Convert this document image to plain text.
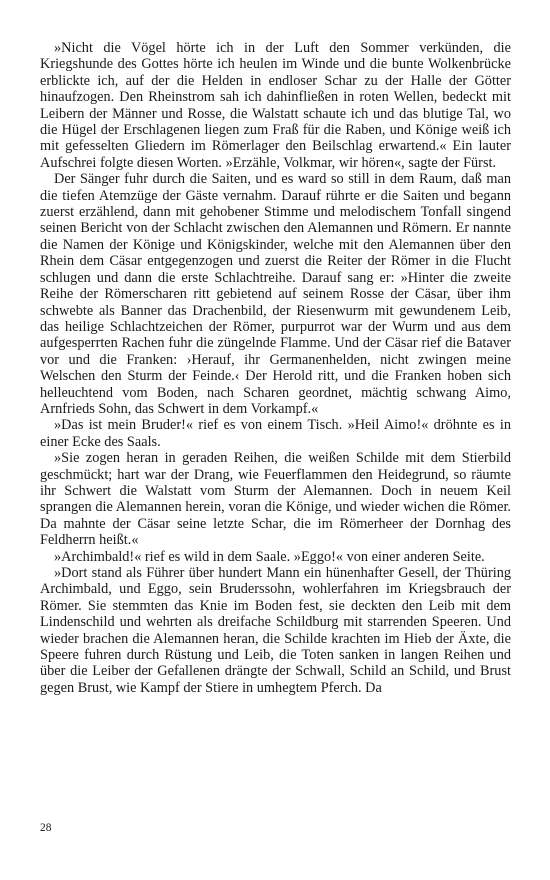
»Nicht die Vögel hörte ich in der Luft den Sommer verkünden, die Kriegshunde des Gottes hörte ich heulen im Winde und die bunte Wolkenbrücke erblickte ich, auf der die Helden in endloser Schar zu der Halle der Götter hinaufzogen. Den Rheinstrom sah ich dahinfließen in roten Wellen, bedeckt mit Leibern der Männer und Rosse, die Walstatt schaute ich und das blutige Tal, wo die Hügel der Erschlagenen liegen zum Fraß für die Raben, und Könige weiß ich mit gefesselten Gliedern im Römerlager den Beilschlag erwartend.« Ein lauter Aufschrei folgte diesen Worten. »Erzähle, Volkmar, wir hören«, sagte der Fürst.

Der Sänger fuhr durch die Saiten, und es ward so still in dem Raum, daß man die tiefen Atemzüge der Gäste vernahm. Darauf rührte er die Saiten und begann zuerst erzählend, dann mit gehobener Stimme und melodischem Tonfall singend seinen Bericht von der Schlacht zwischen den Alemannen und Römern. Er nannte die Namen der Könige und Königskinder, welche mit den Alemannen über den Rhein dem Cäsar entgegenzogen und zuerst die Reiter der Römer in die Flucht schlugen und dann die erste Schlachtreihe. Darauf sang er: »Hinter die zweite Reihe der Römerscharen ritt gebietend auf seinem Rosse der Cäsar, über ihm schwebte als Banner das Drachenbild, der Riesenwurm mit gewundenem Leib, das heilige Schlachtzeichen der Römer, purpurrot war der Wurm und aus dem aufgesperrten Rachen fuhr die züngelnde Flamme. Und der Cäsar rief die Bataver vor und die Franken: ›Herauf, ihr Germanenhelden, nicht zwingen meine Welschen den Sturm der Feinde.‹ Der Herold ritt, und die Franken hoben sich helleuchtend vom Boden, nach Scharen geordnet, mächtig schwang Aimo, Arnfrieds Sohn, das Schwert in dem Vorkampf.«

»Das ist mein Bruder!« rief es von einem Tisch. »Heil Aimo!« dröhnte es in einer Ecke des Saals.

»Sie zogen heran in geraden Reihen, die weißen Schilde mit dem Stierbild geschmückt; hart war der Drang, wie Feuerflammen den Heidegrund, so räumte ihr Schwert die Walstatt vom Sturm der Alemannen. Doch in neuem Keil sprangen die Alemannen herein, voran die Könige, und wieder wichen die Römer. Da mahnte der Cäsar seine letzte Schar, die im Römerheer der Dornhag des Feldherrn heißt.«

»Archimbald!« rief es wild in dem Saale. »Eggo!« von einer anderen Seite.

»Dort stand als Führer über hundert Mann ein hünenhafter Gesell, der Thüring Archimbald, und Eggo, sein Bruderssohn, wohlerfahren im Kriegsbrauch der Römer. Sie stemmten das Knie im Boden fest, sie deckten den Leib mit dem Lindenschild und wehrten als dreifache Schildburg mit starrenden Speeren. Und wieder brachen die Alemannen heran, die Schilde krachten im Hieb der Äxte, die Speere fuhren durch Rüstung und Leib, die Toten sanken in langen Reihen und über die Leiber der Gefallenen drängte der Schwall, Schild an Schild, und Brust gegen Brust, wie Kampf der Stiere in umhegtem Pferch. Da

28
